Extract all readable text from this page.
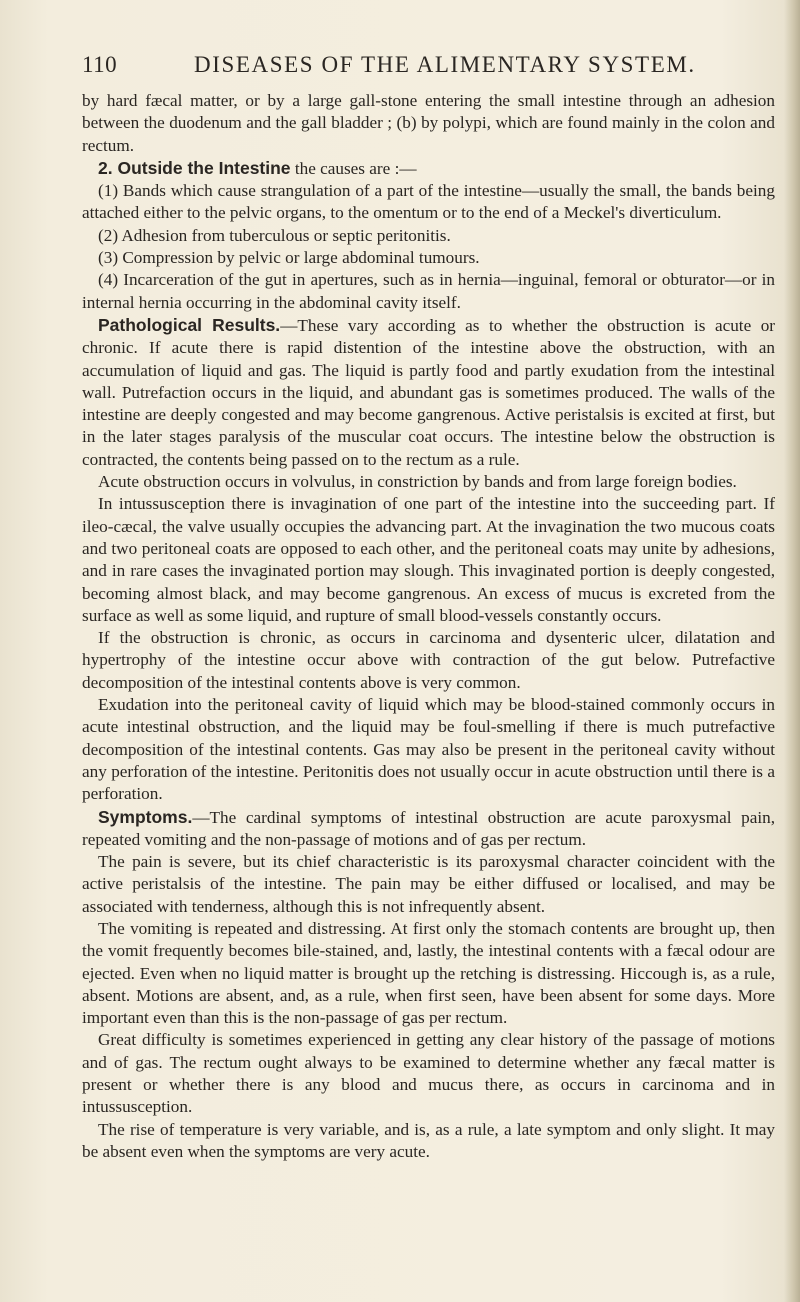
110	DISEASES OF THE ALIMENTARY SYSTEM.

by hard fæcal matter, or by a large gall-stone entering the small intestine through an adhesion between the duodenum and the gall bladder ; (b) by polypi, which are found mainly in the colon and rectum.

2. Outside the Intestine the causes are :—

(1) Bands which cause strangulation of a part of the intestine—usually the small, the bands being attached either to the pelvic organs, to the omentum or to the end of a Meckel's diverticulum.

(2) Adhesion from tuberculous or septic peritonitis.

(3) Compression by pelvic or large abdominal tumours.

(4) Incarceration of the gut in apertures, such as in hernia—inguinal, femoral or obturator—or in internal hernia occurring in the abdominal cavity itself.

Pathological Results.—These vary according as to whether the obstruction is acute or chronic. If acute there is rapid distention of the intestine above the obstruction, with an accumulation of liquid and gas. The liquid is partly food and partly exudation from the intestinal wall. Putrefaction occurs in the liquid, and abundant gas is sometimes produced. The walls of the intestine are deeply congested and may become gangrenous. Active peristalsis is excited at first, but in the later stages paralysis of the muscular coat occurs. The intestine below the obstruction is contracted, the contents being passed on to the rectum as a rule.

Acute obstruction occurs in volvulus, in constriction by bands and from large foreign bodies.

In intussusception there is invagination of one part of the intestine into the succeeding part. If ileo-cæcal, the valve usually occupies the advancing part. At the invagination the two mucous coats and two peritoneal coats are opposed to each other, and the peritoneal coats may unite by adhesions, and in rare cases the invaginated portion may slough. This invaginated portion is deeply congested, becoming almost black, and may become gangrenous. An excess of mucus is excreted from the surface as well as some liquid, and rupture of small blood-vessels constantly occurs.

If the obstruction is chronic, as occurs in carcinoma and dysenteric ulcer, dilatation and hypertrophy of the intestine occur above with contraction of the gut below. Putrefactive decomposition of the intestinal contents above is very common.

Exudation into the peritoneal cavity of liquid which may be blood-stained commonly occurs in acute intestinal obstruction, and the liquid may be foul-smelling if there is much putrefactive decomposition of the intestinal contents. Gas may also be present in the peritoneal cavity without any perforation of the intestine. Peritonitis does not usually occur in acute obstruction until there is a perforation.

Symptoms.—The cardinal symptoms of intestinal obstruction are acute paroxysmal pain, repeated vomiting and the non-passage of motions and of gas per rectum.

The pain is severe, but its chief characteristic is its paroxysmal character coincident with the active peristalsis of the intestine. The pain may be either diffused or localised, and may be associated with tenderness, although this is not infrequently absent.

The vomiting is repeated and distressing. At first only the stomach contents are brought up, then the vomit frequently becomes bile-stained, and, lastly, the intestinal contents with a fæcal odour are ejected. Even when no liquid matter is brought up the retching is distressing. Hiccough is, as a rule, absent. Motions are absent, and, as a rule, when first seen, have been absent for some days. More important even than this is the non-passage of gas per rectum.

Great difficulty is sometimes experienced in getting any clear history of the passage of motions and of gas. The rectum ought always to be examined to determine whether any fæcal matter is present or whether there is any blood and mucus there, as occurs in carcinoma and in intussusception.

The rise of temperature is very variable, and is, as a rule, a late symptom and only slight. It may be absent even when the symptoms are very acute.
